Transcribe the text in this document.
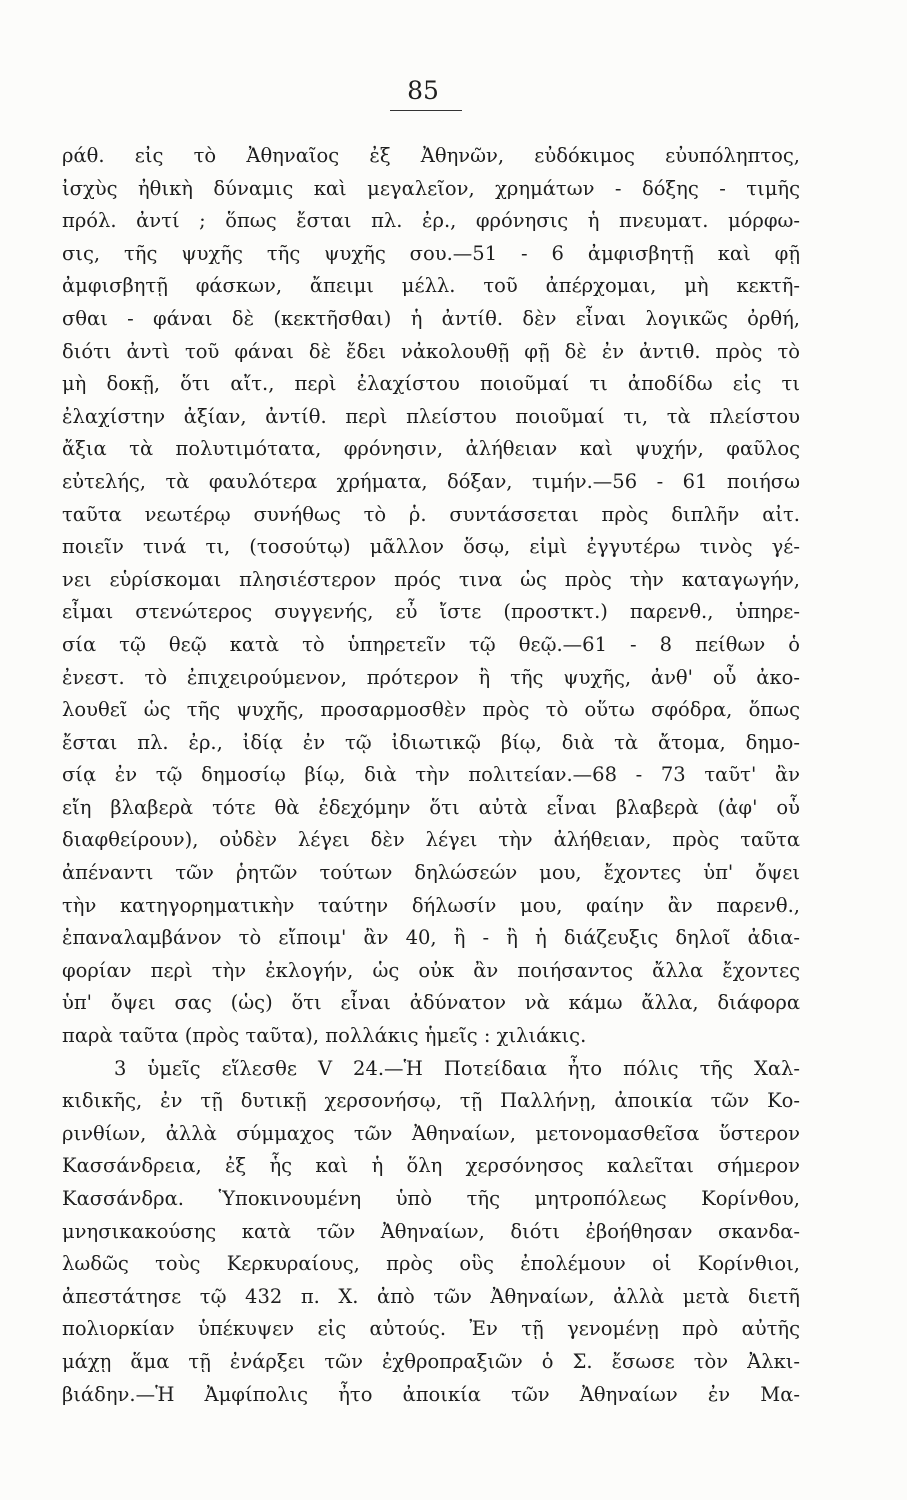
85
ράθ. εἰς τὸ Ἀθηναῖος ἐξ Ἀθηνῶν, εὐδόκιμος εὐυπόληπτος,
ἰσχὺς ἠθικὴ δύναμις καὶ μεγαλεῖον, χρημάτων - δόξης - τιμῆς
πρόλ. ἀντί ; ὅπως ἔσται πλ. ἐρ., φρόνησις ἡ πνευματ. μόρφω-
σις, τῆς ψυχῆς τῆς ψυχῆς σου.—51 - 6 ἀμφισβητῇ καὶ φῇ
ἀμφισβητῇ φάσκων, ἄπειμι μέλλ. τοῦ ἀπέρχομαι, μὴ κεκτῆ-
σθαι - φάναι δὲ (κεκτῆσθαι) ἡ ἀντίθ. δὲν εἶναι λογικῶς ὀρθή,
διότι ἀντὶ τοῦ φάναι δὲ ἔδει νἀκολουθῇ φῇ δὲ ἐν ἀντιθ. πρὸς τὸ
μὴ δοκῇ, ὅτι αἴτ., περὶ ἐλαχίστου ποιοῦμαί τι ἀποδίδω εἰς τι
ἐλαχίστην ἀξίαν, ἀντίθ. περὶ πλείστου ποιοῦμαί τι, τὰ πλείστου
ἄξια τὰ πολυτιμότατα, φρόνησιν, ἀλήθειαν καὶ ψυχήν, φαῦλος
εὐτελής, τὰ φαυλότερα χρήματα, δόξαν, τιμήν.—56 - 61 ποιήσω
ταῦτα νεωτέρῳ συνήθως τὸ ῥ. συντάσσεται πρὸς διπλῆν αἰτ.
ποιεῖν τινά τι, (τοσούτῳ) μᾶλλον ὅσῳ, εἰμὶ ἐγγυτέρω τινὸς γέ-
νει εὑρίσκομαι πλησιέστερον πρός τινα ὡς πρὸς τὴν καταγωγήν,
εἶμαι στενώτερος συγγενής, εὖ ἴστε (προστκτ.) παρενθ., ὑπηρε-
σία τῷ θεῷ κατὰ τὸ ὑπηρετεῖν τῷ θεῷ.—61 - 8 πείθων ὁ
ἐνεστ. τὸ ἐπιχειρούμενον, πρότερον ἢ τῆς ψυχῆς, ἀνθ' οὗ ἀκο-
λουθεῖ ὡς τῆς ψυχῆς, προσαρμοσθὲν πρὸς τὸ οὕτω σφόδρα, ὅπως
ἔσται πλ. ἐρ., ἰδίᾳ ἐν τῷ ἰδιωτικῷ βίῳ, διὰ τὰ ἄτομα, δημο-
σίᾳ ἐν τῷ δημοσίῳ βίῳ, διὰ τὴν πολιτείαν.—68 - 73 ταῦτ' ἂν
εἴη βλαβερὰ τότε θὰ ἐδεχόμην ὅτι αὐτὰ εἶναι βλαβερὰ (ἀφ' οὗ
διαφθείρουν), οὐδὲν λέγει δὲν λέγει τὴν ἀλήθειαν, πρὸς ταῦτα
ἀπέναντι τῶν ῥητῶν τούτων δηλώσεών μου, ἔχοντες ὑπ' ὄψει
τὴν κατηγορηματικὴν ταύτην δήλωσίν μου, φαίην ἂν παρενθ.,
ἐπαναλαμβάνον τὸ εἴποιμ' ἂν 40, ἢ - ἢ ἡ διάζευξις δηλοῖ ἀδια-
φορίαν περὶ τὴν ἐκλογήν, ὡς οὐκ ἂν ποιήσαντος ἄλλα ἔχοντες
ὑπ' ὄψει σας (ὡς) ὅτι εἶναι ἀδύνατον νὰ κάμω ἄλλα, διάφορα
παρὰ ταῦτα (πρὸς ταῦτα), πολλάκις ἡμεῖς : χιλιάκις.
3 ὑμεῖς εἵλεσθε V 24.—Ἡ Ποτείδαια ἦτο πόλις τῆς Χαλ-
κιδικῆς, ἐν τῇ δυτικῇ χερσονήσῳ, τῇ Παλλήνῃ, ἀποικία τῶν Κο-
ρινθίων, ἀλλὰ σύμμαχος τῶν Ἀθηναίων, μετονομασθεῖσα ὕστερον
Κασσάνδρεια, ἐξ ἧς καὶ ἡ ὅλη χερσόνησος καλεῖται σήμερον
Κασσάνδρα. Ὑποκινουμένη ὑπὸ τῆς μητροπόλεως Κορίνθου,
μνησικακούσης κατὰ τῶν Ἀθηναίων, διότι ἐβοήθησαν σκανδα-
λωδῶς τοὺς Κερκυραίους, πρὸς οὓς ἐπολέμουν οἱ Κορίνθιοι,
ἀπεστάτησε τῷ 432 π. Χ. ἀπὸ τῶν Ἀθηναίων, ἀλλὰ μετὰ διετῆ
πολιορκίαν ὑπέκυψεν εἰς αὐτούς. Ἐν τῇ γενομένῃ πρὸ αὐτῆς
μάχῃ ἅμα τῇ ἐνάρξει τῶν ἐχθροπραξιῶν ὁ Σ. ἔσωσε τὸν Ἀλκι-
βιάδην.—Ἡ Ἀμφίπολις ἦτο ἀποικία τῶν Ἀθηναίων ἐν Μα-
